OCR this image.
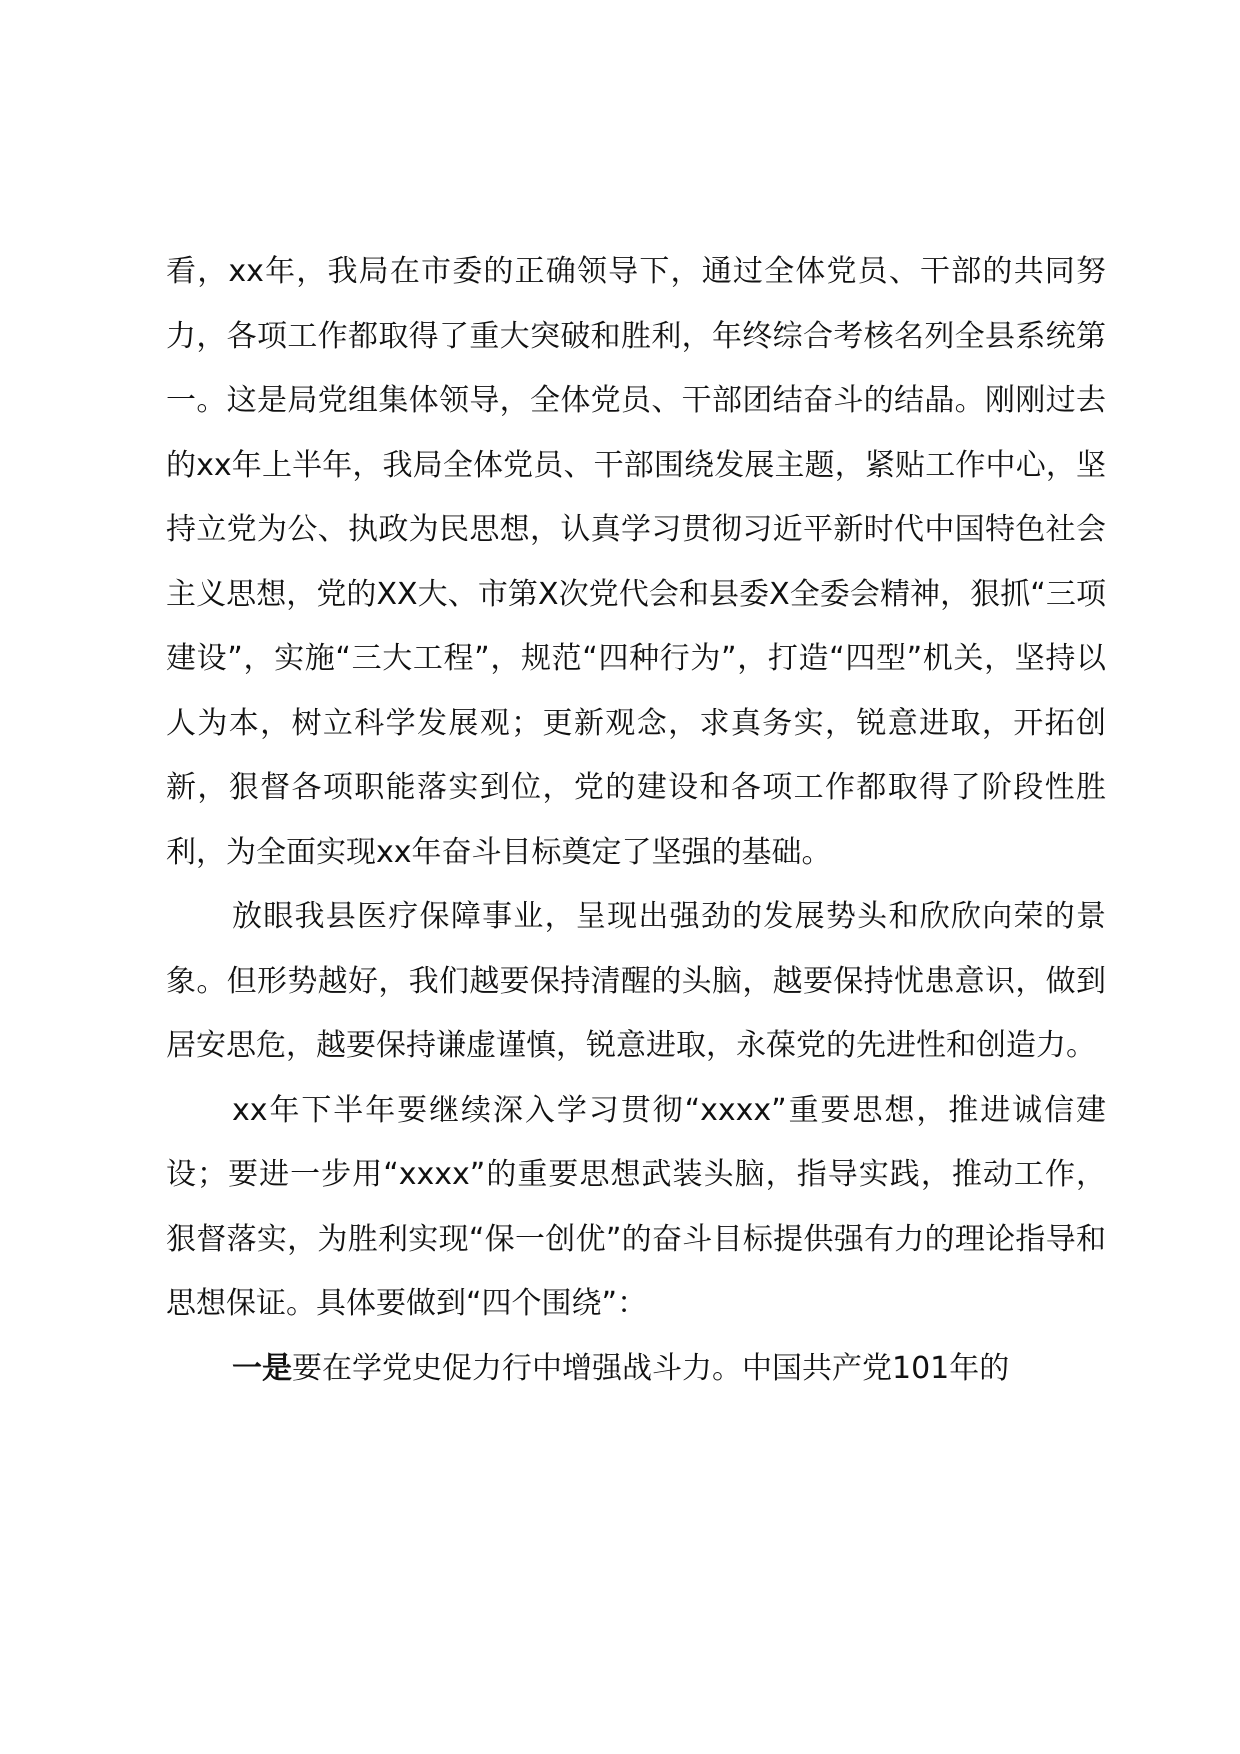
看，xx年，我局在市委的正确领导下，通过全体党员、干部的共同努力，各项工作都取得了重大突破和胜利，年终综合考核名列全县系统第一。这是局党组集体领导，全体党员、干部团结奋斗的结晶。刚刚过去的xx年上半年，我局全体党员、干部围绕发展主题，紧贴工作中心，坚持立党为公、执政为民思想，认真学习贯彻习近平新时代中国特色社会主义思想，党的XX大、市第X次党代会和县委X全委会精神，狠抓“三项建设”，实施“三大工程”，规范“四种行为”，打造“四型”机关，坚持以人为本，树立科学发展观；更新观念，求真务实，锐意进取，开拓创新，狠督各项职能落实到位，党的建设和各项工作都取得了阶段性胜利，为全面实现xx年奋斗目标奠定了坚强的基础。

放眼我县医疗保障事业，呈现出强劲的发展势头和欣欣向荣的景象。但形势越好，我们越要保持清醒的头脑，越要保持忧患意识，做到居安思危，越要保持谦虚谨慎，锐意进取，永葆党的先进性和创造力。

xx年下半年要继续深入学习贯彻“xxxx”重要思想，推进诚信建设；要进一步用“xxxx”的重要思想武装头脑，指导实践，推动工作，狠督落实，为胜利实现“保一创优”的奋斗目标提供强有力的理论指导和思想保证。具体要做到“四个围绕”：

一是要在学党史促力行中增强战斗力。中国共产党101年的
